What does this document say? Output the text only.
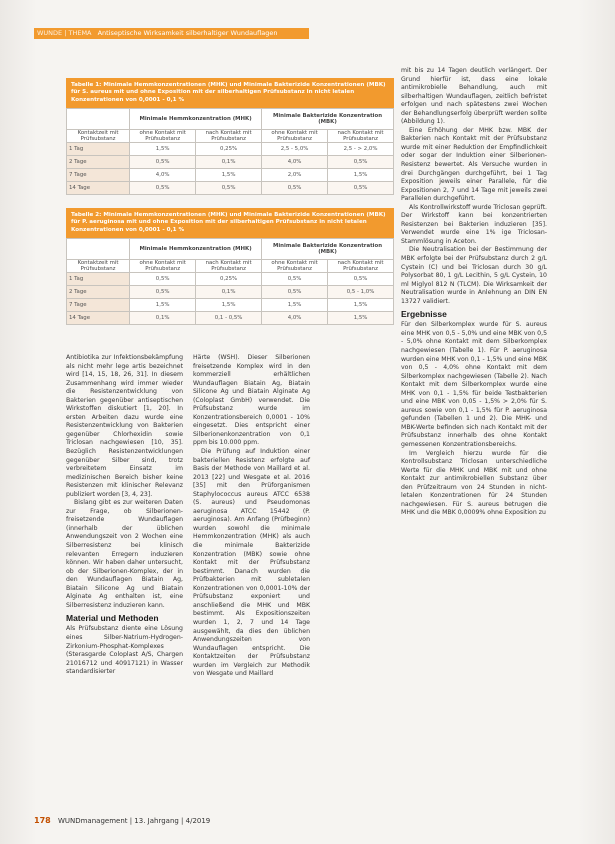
WUNDE | THEMA Antiseptische Wirksamkeit silberhaltiger Wundauflagen
Tabelle 1: Minimale Hemmkonzentrationen (MHK) und Minimale Bakterizide Konzentrationen (MBK) für S. aureus mit und ohne Exposition mit der silberhaltigen Prüfsubstanz in nicht letalen Konzentrationen von 0,0001 - 0,1 %
	Minimale Hemmkonzentration (MHK)		Minimale Bakterizide Konzentration (MBK)	
Kontaktzeit mit Prüfsubstanz	ohne Kontakt mit Prüfsubstanz	nach Kontakt mit Prüfsubstanz	ohne Kontakt mit Prüfsubstanz	nach Kontakt mit Prüfsubstanz
1 Tag	1,5%	0,25%	2,5 - 5,0%	2,5 - > 2,0%
2 Tage	0,5%	0,1%	4,0%	0,5%
7 Tage	4,0%	1,5%	2,0%	1,5%
14 Tage	0,5%	0,5%	0,5%	0,5%
Tabelle 2: Minimale Hemmkonzentrationen (MHK) und Minimale Bakterizide Konzentrationen (MBK) für P. aeruginosa mit und ohne Exposition mit der silberhaltigen Prüfsubstanz in nicht letalen Konzentrationen von 0,0001 - 0,1 %
	Minimale Hemmkonzentration (MHK)		Minimale Bakterizide Konzentration (MBK)	
Kontaktzeit mit Prüfsubstanz	ohne Kontakt mit Prüfsubstanz	nach Kontakt mit Prüfsubstanz	ohne Kontakt mit Prüfsubstanz	nach Kontakt mit Prüfsubstanz
1 Tag	0,5%	0,25%	0,5%	0,5%
2 Tage	0,5%	0,1%	0,5%	0,5 - 1,0%
7 Tage	1,5%	1,5%	1,5%	1,5%
14 Tage	0,1%	0,1 - 0,5%	4,0%	1,5%

Antibiotika zur Infektionsbekämpfung als nicht mehr lege artis bezeichnet wird [14, 15, 18, 26, 31]. In diesem Zusammenhang wird immer wieder die Resistenzentwicklung von Bakterien gegenüber antiseptischen Wirkstoffen diskutiert [1, 20]. In ersten Arbeiten dazu wurde eine Resistenzentwicklung von Bakterien gegenüber Chlorhexidin sowie Triclosan nachgewiesen [10, 35]. Bezüglich Resistenzentwicklungen gegenüber Silber sind, trotz verbreitetem Einsatz im medizinischen Bereich bisher keine Resistenzen mit klinischer Relevanz publiziert worden [3, 4, 23].

Bislang gibt es zur weiteren Daten zur Frage, ob Silberionen-freisetzende Wundauflagen (innerhalb der üblichen Anwendungszeit von 2 Wochen eine Silberresistenz bei klinisch relevanten Erregern induzieren können. Wir haben daher untersucht, ob der Silberionen-Komplex, der in den Wundauflagen Biatain Ag, Biatain Silicone Ag und Biatain Alginate Ag enthalten ist, eine Silberresistenz induzieren kann.

Material und Methoden

Als Prüfsubstanz diente eine Lösung eines Silber-Natrium-Hydrogen-Zirkonium-Phosphat-Komplexes (Sterasgarde Coloplast A/S, Chargen 21016712 und 40917121) in Wasser standardisierter

Härte (WSH). Dieser Silberionen freisetzende Komplex wird in den kommerziell erhältlichen Wundauflagen Biatain Ag, Biatain Silicone Ag und Biatain Alginate Ag (Coloplast GmbH) verwendet. Die Prüfsubstanz wurde im Konzentrationsbereich 0,0001 - 10% eingesetzt. Dies entspricht einer Silberionenkonzentration von 0,1 ppm bis 10.000 ppm.

Die Prüfung auf Induktion einer bakteriellen Resistenz erfolgte auf Basis der Methode von Maillard et al. 2013 [22] und Wesgate et al. 2016 [35] mit den Prüforganismen Staphylococcus aureus ATCC 6538 (S. aureus) und Pseudomonas aeruginosa ATCC 15442 (P. aeruginosa). Am Anfang (Prüfbeginn) wurden sowohl die minimale Hemmkonzentration (MHK) als auch die minimale Bakterizide Konzentration (MBK) sowie ohne Kontakt mit der Prüfsubstanz bestimmt. Danach wurden die Prüfbakterien mit subletalen Konzentrationen von 0,0001-10% der Prüfsubstanz exponiert und anschließend die MHK und MBK bestimmt. Als Expositionszeiten wurden 1, 2, 7 und 14 Tage ausgewählt, da dies den üblichen Anwendungszeiten von Wundauflagen entspricht. Die Kontaktzeiten der Prüfsubstanz wurden im Vergleich zur Methodik von Wesgate und Maillard

mit bis zu 14 Tagen deutlich verlängert. Der Grund hierfür ist, dass eine lokale antimikrobielle Behandlung, auch mit silberhaltigen Wundauflagen, zeitlich befristet erfolgen und nach spätestens zwei Wochen der Behandlungserfolg überprüft werden sollte (Abbildung 1).

Eine Erhöhung der MHK bzw. MBK der Bakterien nach Kontakt mit der Prüfsubstanz wurde mit einer Reduktion der Empfindlichkeit oder sogar der Induktion einer Silberionen-Resistenz bewertet. Als Versuche wurden in drei Durchgängen durchgeführt, bei 1 Tag Exposition jeweils einer Parallele, für die Expositionen 2, 7 und 14 Tage mit jeweils zwei Parallelen durchgeführt.

Als Kontrollwirkstoff wurde Triclosan geprüft. Der Wirkstoff kann bei konzentrierten Resistenzen bei Bakterien induzieren [35]. Verwendet wurde eine 1% ige Triclosan-Stammlösung in Aceton.

Die Neutralisation bei der Bestimmung der MBK erfolgte bei der Prüfsubstanz durch 2 g/L Cystein (C) und bei Triclosan durch 30 g/L Polysorbat 80, 1 g/L Lecithin, 5 g/L Cystein, 10 ml Miglyol 812 N (TLCM). Die Wirksamkeit der Neutralisation wurde in Anlehnung an DIN EN 13727 validiert.

Ergebnisse

Für den Silberkomplex wurde für S. aureus eine MHK von 0,5 - 5,0% und eine MBK von 0,5 - 5,0% ohne Kontakt mit dem Silberkomplex nachgewiesen (Tabelle 1). Für P. aeruginosa wurden eine MHK von 0,1 - 1,5% und eine MBK von 0,5 - 4,0% ohne Kontakt mit dem Silberkomplex nachgewiesen (Tabelle 2). Nach Kontakt mit dem Silberkomplex wurde eine MHK von 0,1 - 1,5% für beide Testbakterien und eine MBK von 0,05 - 1,5% > 2,0% für S. aureus sowie von 0,1 - 1,5% für P. aeruginosa gefunden (Tabellen 1 und 2). Die MHK- und MBK-Werte befinden sich nach Kontakt mit der Prüfsubstanz innerhalb des ohne Kontakt gemessenen Konzentrationsbereichs.

Im Vergleich hierzu wurde für die Kontrollsubstanz Triclosan unterschiedliche Werte für die MHK und MBK mit und ohne Kontakt zur antimikrobiellen Substanz über den Prüfzeitraum von 24 Stunden in nicht-letalen Konzentrationen für 24 Stunden nachgewiesen. Für S. aureus betrugen die MHK und die MBK 0,0009% ohne Exposition zu

178 WUNDmanagement | 13. Jahrgang | 4/2019
